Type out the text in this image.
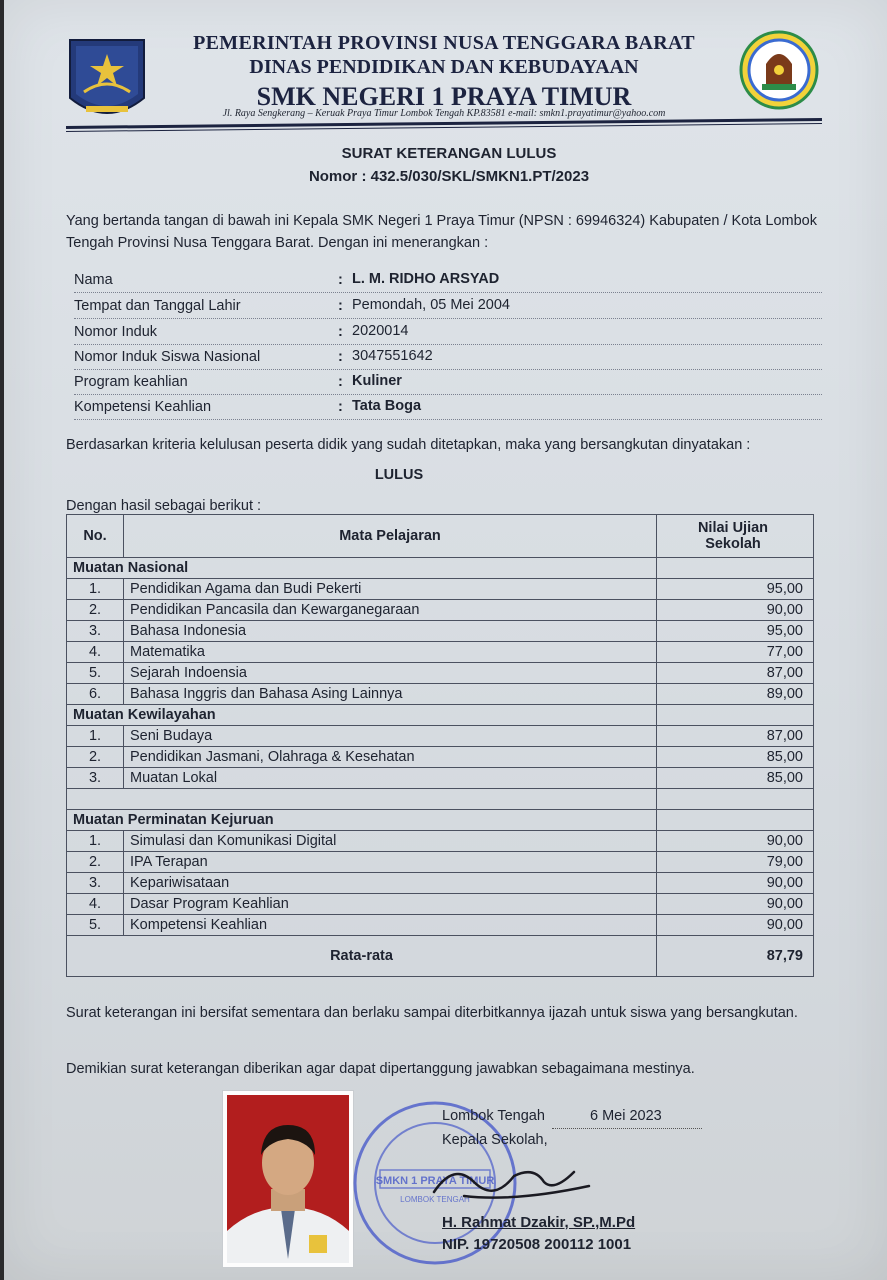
PEMERINTAH PROVINSI NUSA TENGGARA BARAT
DINAS PENDIDIKAN DAN KEBUDAYAAN
SMK NEGERI 1 PRAYA TIMUR
Jl. Raya Sengkerang – Keruak Praya Timur Lombok Tengah KP.83581 e-mail: smkn1.prayatimur@yahoo.com
SURAT KETERANGAN LULUS
Nomor : 432.5/030/SKL/SMKN1.PT/2023
Yang bertanda tangan di bawah ini Kepala SMK Negeri 1 Praya Timur (NPSN : 69946324) Kabupaten / Kota Lombok Tengah Provinsi Nusa Tenggara Barat. Dengan ini menerangkan :
Nama	: L. M. RIDHO ARSYAD
Tempat dan Tanggal Lahir	: Pemondah, 05 Mei 2004
Nomor Induk	: 2020014
Nomor Induk Siswa Nasional	: 3047551642
Program keahlian	: Kuliner
Kompetensi Keahlian	: Tata Boga
Berdasarkan kriteria kelulusan peserta didik yang sudah ditetapkan, maka yang bersangkutan dinyatakan :
LULUS
Dengan hasil sebagai berikut :
No.	Mata Pelajaran	Nilai Ujian
Sekolah
Muatan Nasional		
1.	Pendidikan Agama dan Budi Pekerti	95,00
2.	Pendidikan Pancasila dan Kewarganegaraan	90,00
3.	Bahasa Indonesia	95,00
4.	Matematika	77,00
5.	Sejarah Indoensia	87,00
6.	Bahasa Inggris dan Bahasa Asing Lainnya	89,00
Muatan Kewilayahan		
1.	Seni Budaya	87,00
2.	Pendidikan Jasmani, Olahraga & Kesehatan	85,00
3.	Muatan Lokal	85,00

Muatan Perminatan Kejuruan		
1.	Simulasi dan Komunikasi Digital	90,00
2.	IPA Terapan	79,00
3.	Kepariwisataan	90,00
4.	Dasar Program Keahlian	90,00
5.	Kompetensi Keahlian	90,00
Rata-rata		87,79
Surat keterangan ini bersifat sementara dan berlaku sampai diterbitkannya ijazah untuk siswa yang bersangkutan.
Demikian surat keterangan diberikan agar dapat dipertanggung jawabkan sebagaimana mestinya.
SMKN 1 PRAYA TIMUR
LOMBOK TENGAH
Lombok Tengah	6 Mei 2023
Kepala Sekolah,
H. Rahmat Dzakir, SP.,M.Pd
NIP. 19720508 200112 1001
